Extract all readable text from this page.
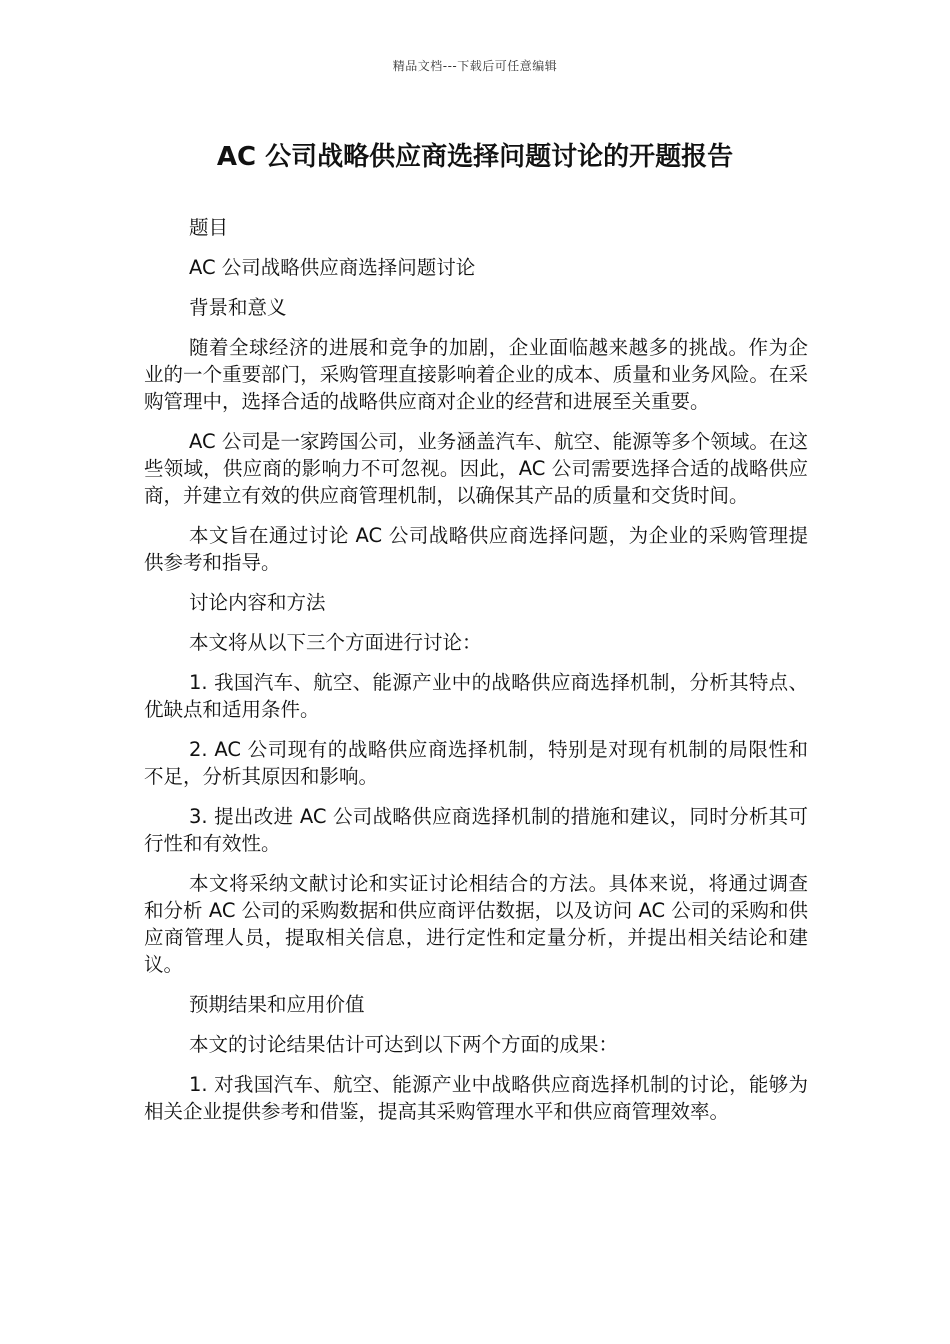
精品文档---下载后可任意编辑
AC 公司战略供应商选择问题讨论的开题报告

题目

AC 公司战略供应商选择问题讨论

背景和意义

随着全球经济的进展和竞争的加剧，企业面临越来越多的挑战。作为企业的一个重要部门，采购管理直接影响着企业的成本、质量和业务风险。在采购管理中，选择合适的战略供应商对企业的经营和进展至关重要。

AC 公司是一家跨国公司，业务涵盖汽车、航空、能源等多个领域。在这些领域，供应商的影响力不可忽视。因此，AC 公司需要选择合适的战略供应商，并建立有效的供应商管理机制，以确保其产品的质量和交货时间。

本文旨在通过讨论 AC 公司战略供应商选择问题，为企业的采购管理提供参考和指导。

讨论内容和方法

本文将从以下三个方面进行讨论：

1. 我国汽车、航空、能源产业中的战略供应商选择机制，分析其特点、优缺点和适用条件。

2. AC 公司现有的战略供应商选择机制，特别是对现有机制的局限性和不足，分析其原因和影响。

3. 提出改进 AC 公司战略供应商选择机制的措施和建议，同时分析其可行性和有效性。

本文将采纳文献讨论和实证讨论相结合的方法。具体来说，将通过调查和分析 AC 公司的采购数据和供应商评估数据，以及访问 AC 公司的采购和供应商管理人员，提取相关信息，进行定性和定量分析，并提出相关结论和建议。

预期结果和应用价值

本文的讨论结果估计可达到以下两个方面的成果：

1. 对我国汽车、航空、能源产业中战略供应商选择机制的讨论，能够为相关企业提供参考和借鉴，提高其采购管理水平和供应商管理效率。
